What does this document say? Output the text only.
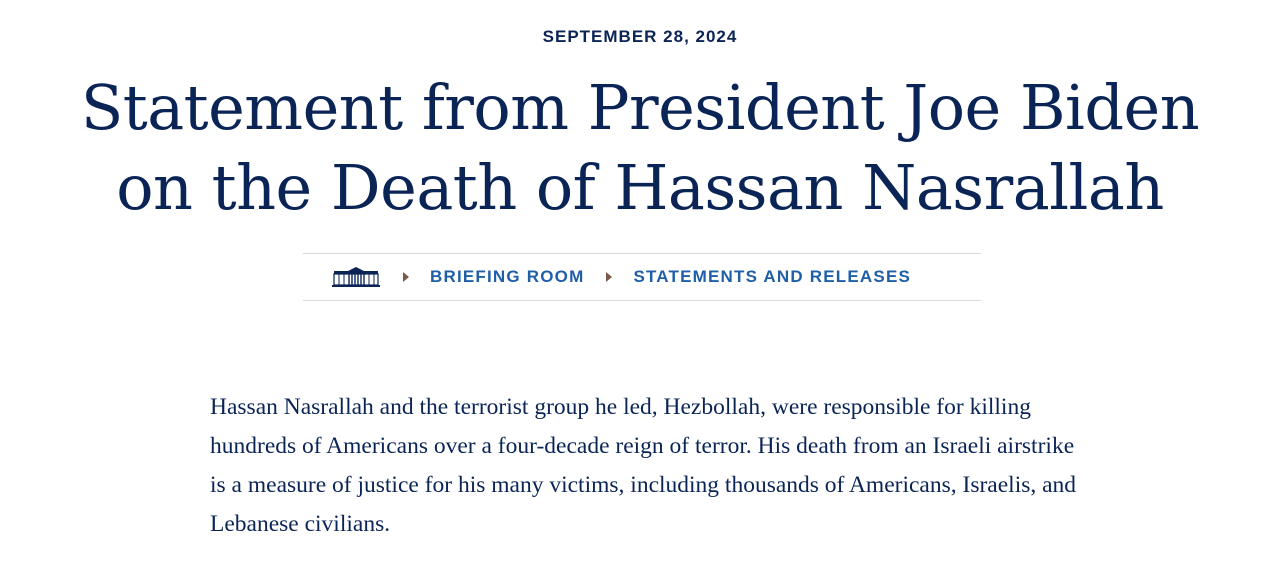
SEPTEMBER 28, 2024
Statement from President Joe Biden on the Death of Hassan Nasrallah
BRIEFING ROOM	STATEMENTS AND RELEASES

Hassan Nasrallah and the terrorist group he led, Hezbollah, were responsible for killing hundreds of Americans over a four-decade reign of terror. His death from an Israeli airstrike is a measure of justice for his many victims, including thousands of Americans, Israelis, and Lebanese civilians.
